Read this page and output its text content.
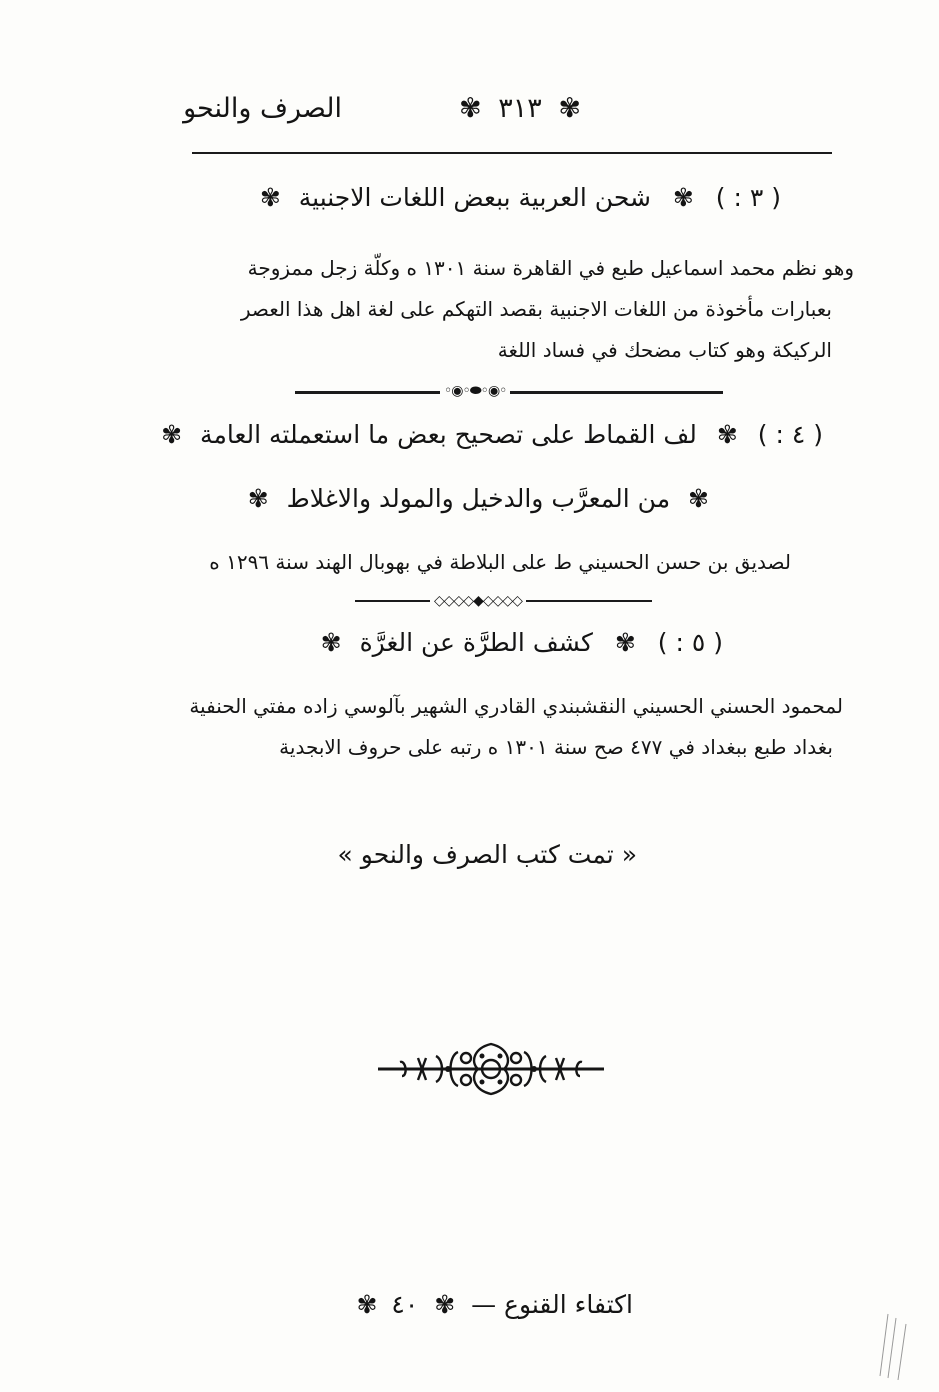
الصرف والنحو	✾ ٣١٣ ✾
( ٣ : ) ✾ شحن العربية ببعض اللغات الاجنبية ✾
وهو نظم محمد اسماعيل طبع في القاهرة سنة ١٣٠١ ه وكلّة زجل ممزوجة
بعبارات مأخوذة من اللغات الاجنبية بقصد التهكم على لغة اهل هذا العصر
الركيكة وهو كتاب مضحك في فساد اللغة
◦◉◦⬬◦◉◦
( ٤ : ) ✾ لف القماط على تصحيح بعض ما استعملته العامة ✾
✾ من المعرَّب والدخيل والمولد والاغلاط ✾
لصديق بن حسن الحسيني ط على البلاطة في بهوبال الهند سنة ١٢٩٦ ه
◇◇◇◇◆◇◇◇◇
( ٥ : ) ✾ كشف الطرَّة عن الغرَّة ✾
لمحمود الحسني الحسيني النقشبندي القادري الشهير بآلوسي زاده مفتي الحنفية
بغداد طبع ببغداد في ٤٧٧ صح سنة ١٣٠١ ه رتبه على حروف الابجدية
« تمت كتب الصرف والنحو »
اكتفاء القنوع — ✾ ٤٠ ✾
